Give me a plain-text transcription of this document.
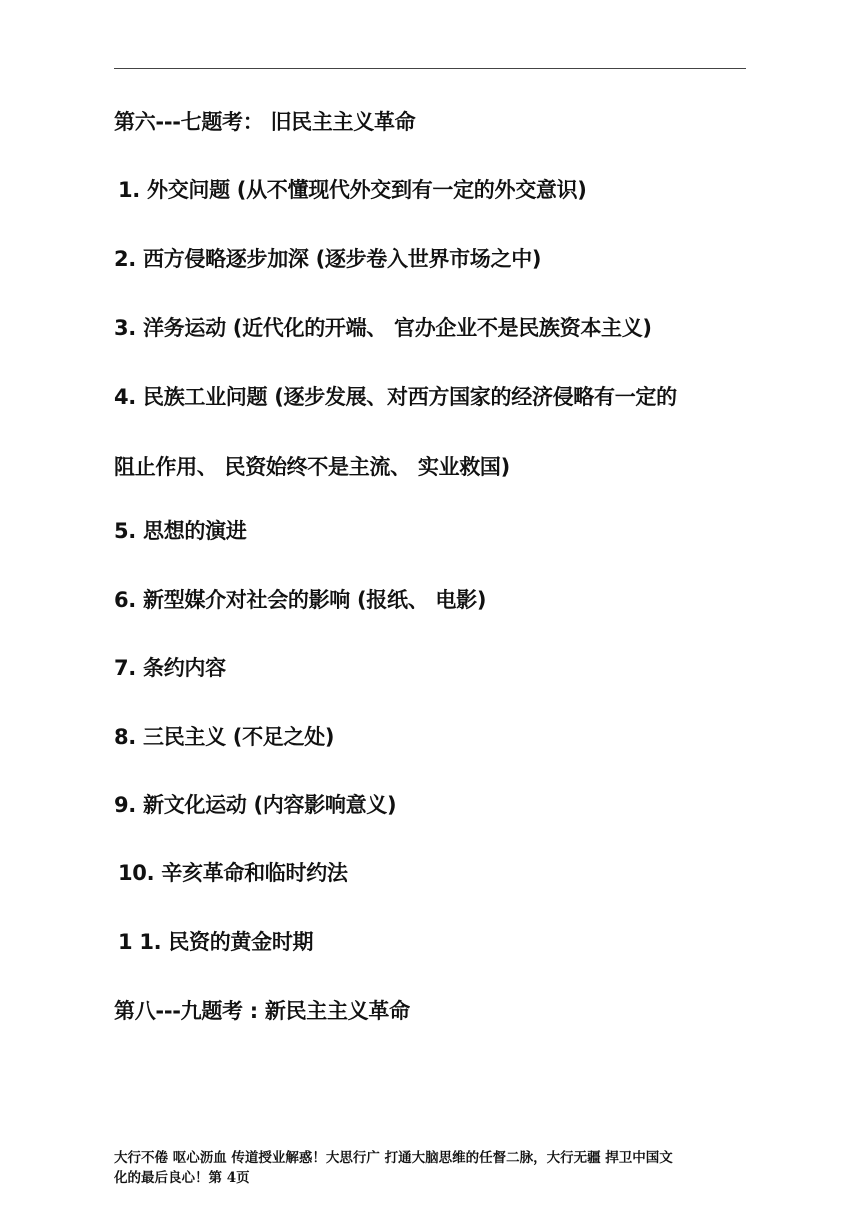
第六---七题考： 旧民主主义革命
1. 外交问题 (从不懂现代外交到有一定的外交意识)
2. 西方侵略逐步加深 (逐步卷入世界市场之中)
3. 洋务运动 (近代化的开端、 官办企业不是民族资本主义)
4. 民族工业问题 (逐步发展、对西方国家的经济侵略有一定的
阻止作用、 民资始终不是主流、 实业救国)
5. 思想的演进
6. 新型媒介对社会的影响 (报纸、 电影)
7. 条约内容
8. 三民主义 (不足之处)
9. 新文化运动 (内容影响意义)
10. 辛亥革命和临时约法
1 1. 民资的黄金时期
第八---九题考 : 新民主主义革命
大行不倦 呕心沥血 传道授业解惑！大思行广 打通大脑思维的任督二脉，大行无疆 捍卫中国文
化的最后良心！第 4页
